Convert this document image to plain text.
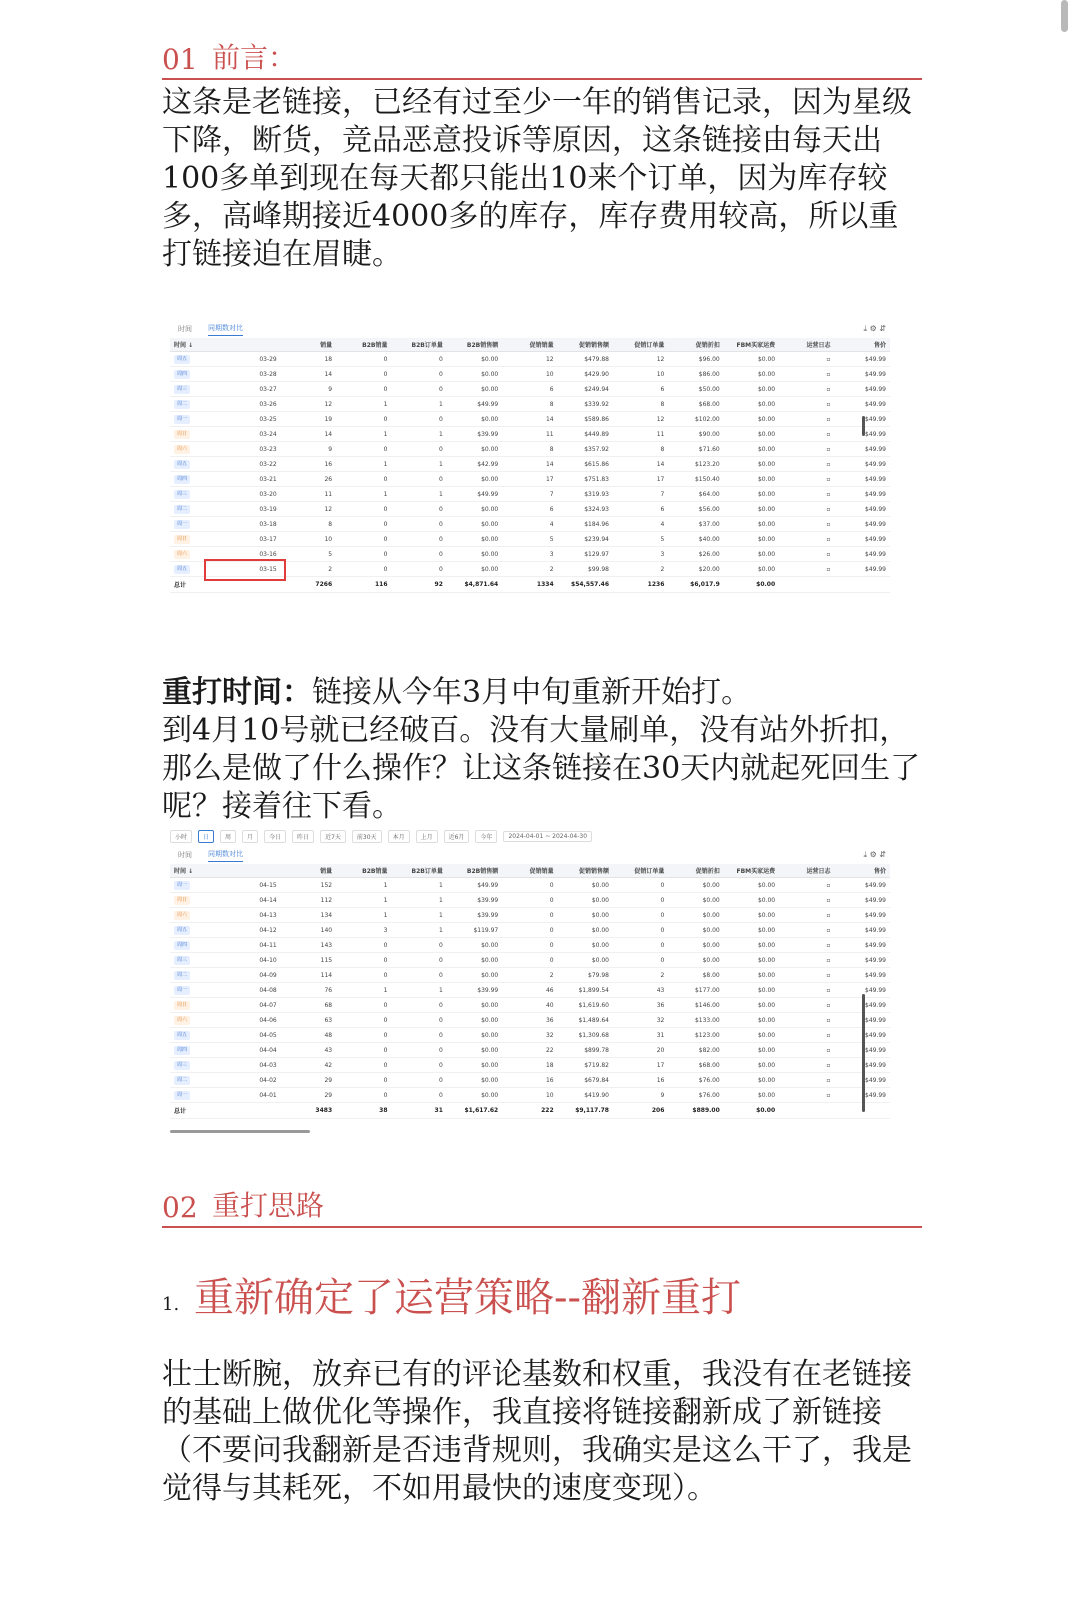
01 前言：

这条是老链接，已经有过至少一年的销售记录，因为星级下降，断货，竞品恶意投诉等原因，这条链接由每天出100多单到现在每天都只能出10来个订单，因为库存较多，高峰期接近4000多的库存，库存费用较高，所以重打链接迫在眉睫。

重打时间：链接从今年3月中旬重新开始打。
到4月10号就已经破百。没有大量刷单，没有站外折扣，那么是做了什么操作？让这条链接在30天内就起死回生了呢？接着往下看。
02 重打思路
1. 重新确定了运营策略--翻新重打

壮士断腕，放弃已有的评论基数和权重，我没有在老链接的基础上做优化等操作，我直接将链接翻新成了新链接（不要问我翻新是否违背规则，我确实是这么干了，我是觉得与其耗死，不如用最快的速度变现）。

时间 同期数对比	⤓ ⚙ ⇵
时间 ↓		销量	B2B销量	B2B订单量	B2B销售额	促销销量	促销销售额	促销订单量	促销折扣	FBM买家运费	运营日志	售价
周五	03-29	18	0	0	$0.00	12	$479.88	12	$96.00	$0.00	▫	$49.99
周四	03-28	14	0	0	$0.00	10	$429.90	10	$86.00	$0.00	▫	$49.99
周三	03-27	9	0	0	$0.00	6	$249.94	6	$50.00	$0.00	▫	$49.99
周二	03-26	12	1	1	$49.99	8	$339.92	8	$68.00	$0.00	▫	$49.99
周一	03-25	19	0	0	$0.00	14	$589.86	12	$102.00	$0.00	▫	$49.99
周日	03-24	14	1	1	$39.99	11	$449.89	11	$90.00	$0.00	▫	$49.99
周六	03-23	9	0	0	$0.00	8	$357.92	8	$71.60	$0.00	▫	$49.99
周五	03-22	16	1	1	$42.99	14	$615.86	14	$123.20	$0.00	▫	$49.99
周四	03-21	26	0	0	$0.00	17	$751.83	17	$150.40	$0.00	▫	$49.99
周三	03-20	11	1	1	$49.99	7	$319.93	7	$64.00	$0.00	▫	$49.99
周二	03-19	12	0	0	$0.00	6	$324.93	6	$56.00	$0.00	▫	$49.99
周一	03-18	8	0	0	$0.00	4	$184.96	4	$37.00	$0.00	▫	$49.99
周日	03-17	10	0	0	$0.00	5	$239.94	5	$40.00	$0.00	▫	$49.99
周六	03-16	5	0	0	$0.00	3	$129.97	3	$26.00	$0.00	▫	$49.99
周五	03-15	2	0	0	$0.00	2	$99.98	2	$20.00	$0.00	▫	$49.99
总计		7266	116	92	$4,871.64	1334	$54,557.46	1236	$6,017.9	$0.00		
小时	日	周	月	今日	昨日	近7天	前30天	本月	上月	近6月	今年	2024-04-01 ~ 2024-04-30
时间 同期数对比	⤓ ⚙ ⇵
时间 ↓		销量	B2B销量	B2B订单量	B2B销售额	促销销量	促销销售额	促销订单量	促销折扣	FBM买家运费	运营日志	售价
周一	04-15	152	1	1	$49.99	0	$0.00	0	$0.00	$0.00	▫	$49.99
周日	04-14	112	1	1	$39.99	0	$0.00	0	$0.00	$0.00	▫	$49.99
周六	04-13	134	1	1	$39.99	0	$0.00	0	$0.00	$0.00	▫	$49.99
周五	04-12	140	3	1	$119.97	0	$0.00	0	$0.00	$0.00	▫	$49.99
周四	04-11	143	0	0	$0.00	0	$0.00	0	$0.00	$0.00	▫	$49.99
周三	04-10	115	0	0	$0.00	0	$0.00	0	$0.00	$0.00	▫	$49.99
周二	04-09	114	0	0	$0.00	2	$79.98	2	$8.00	$0.00	▫	$49.99
周一	04-08	76	1	1	$39.99	46	$1,899.54	43	$177.00	$0.00	▫	$49.99
周日	04-07	68	0	0	$0.00	40	$1,619.60	36	$146.00	$0.00	▫	$49.99
周六	04-06	63	0	0	$0.00	36	$1,489.64	32	$133.00	$0.00	▫	$49.99
周五	04-05	48	0	0	$0.00	32	$1,309.68	31	$123.00	$0.00	▫	$49.99
周四	04-04	43	0	0	$0.00	22	$899.78	20	$82.00	$0.00	▫	$49.99
周三	04-03	42	0	0	$0.00	18	$719.82	17	$68.00	$0.00	▫	$49.99
周二	04-02	29	0	0	$0.00	16	$679.84	16	$76.00	$0.00	▫	$49.99
周一	04-01	29	0	0	$0.00	10	$419.90	9	$76.00	$0.00	▫	$49.99
总计		3483	38	31	$1,617.62	222	$9,117.78	206	$889.00	$0.00		
